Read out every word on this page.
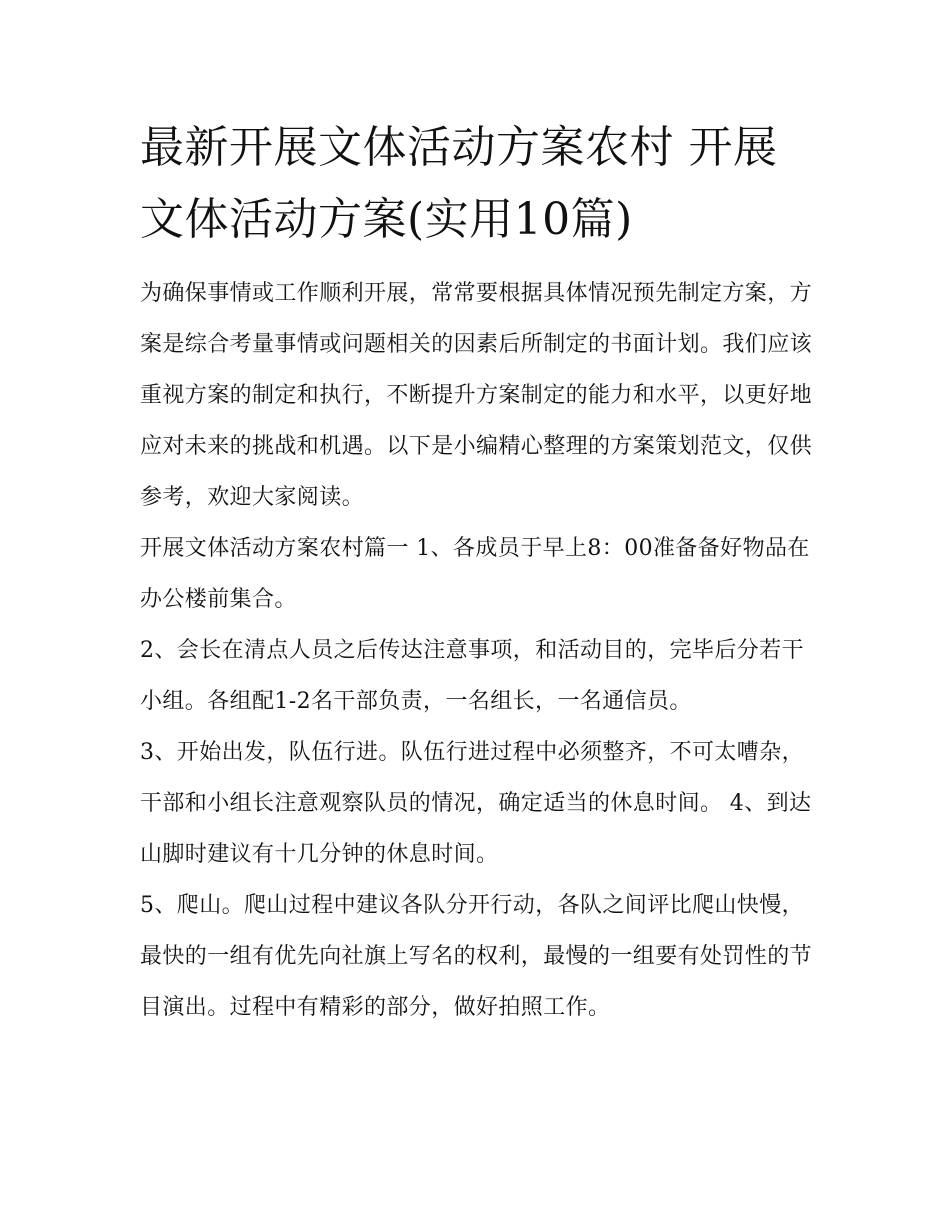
最新开展文体活动方案农村 开展文体活动方案(实用10篇)

为确保事情或工作顺利开展，常常要根据具体情况预先制定方案，方案是综合考量事情或问题相关的因素后所制定的书面计划。我们应该重视方案的制定和执行，不断提升方案制定的能力和水平，以更好地应对未来的挑战和机遇。以下是小编精心整理的方案策划范文，仅供参考，欢迎大家阅读。

开展文体活动方案农村篇一 1、各成员于早上8：00准备备好物品在办公楼前集合。

2、会长在清点人员之后传达注意事项，和活动目的，完毕后分若干小组。各组配1-2名干部负责，一名组长，一名通信员。

3、开始出发，队伍行进。队伍行进过程中必须整齐，不可太嘈杂，干部和小组长注意观察队员的情况，确定适当的休息时间。 4、到达山脚时建议有十几分钟的休息时间。

5、爬山。爬山过程中建议各队分开行动，各队之间评比爬山快慢，最快的一组有优先向社旗上写名的权利，最慢的一组要有处罚性的节目演出。过程中有精彩的部分，做好拍照工作。
